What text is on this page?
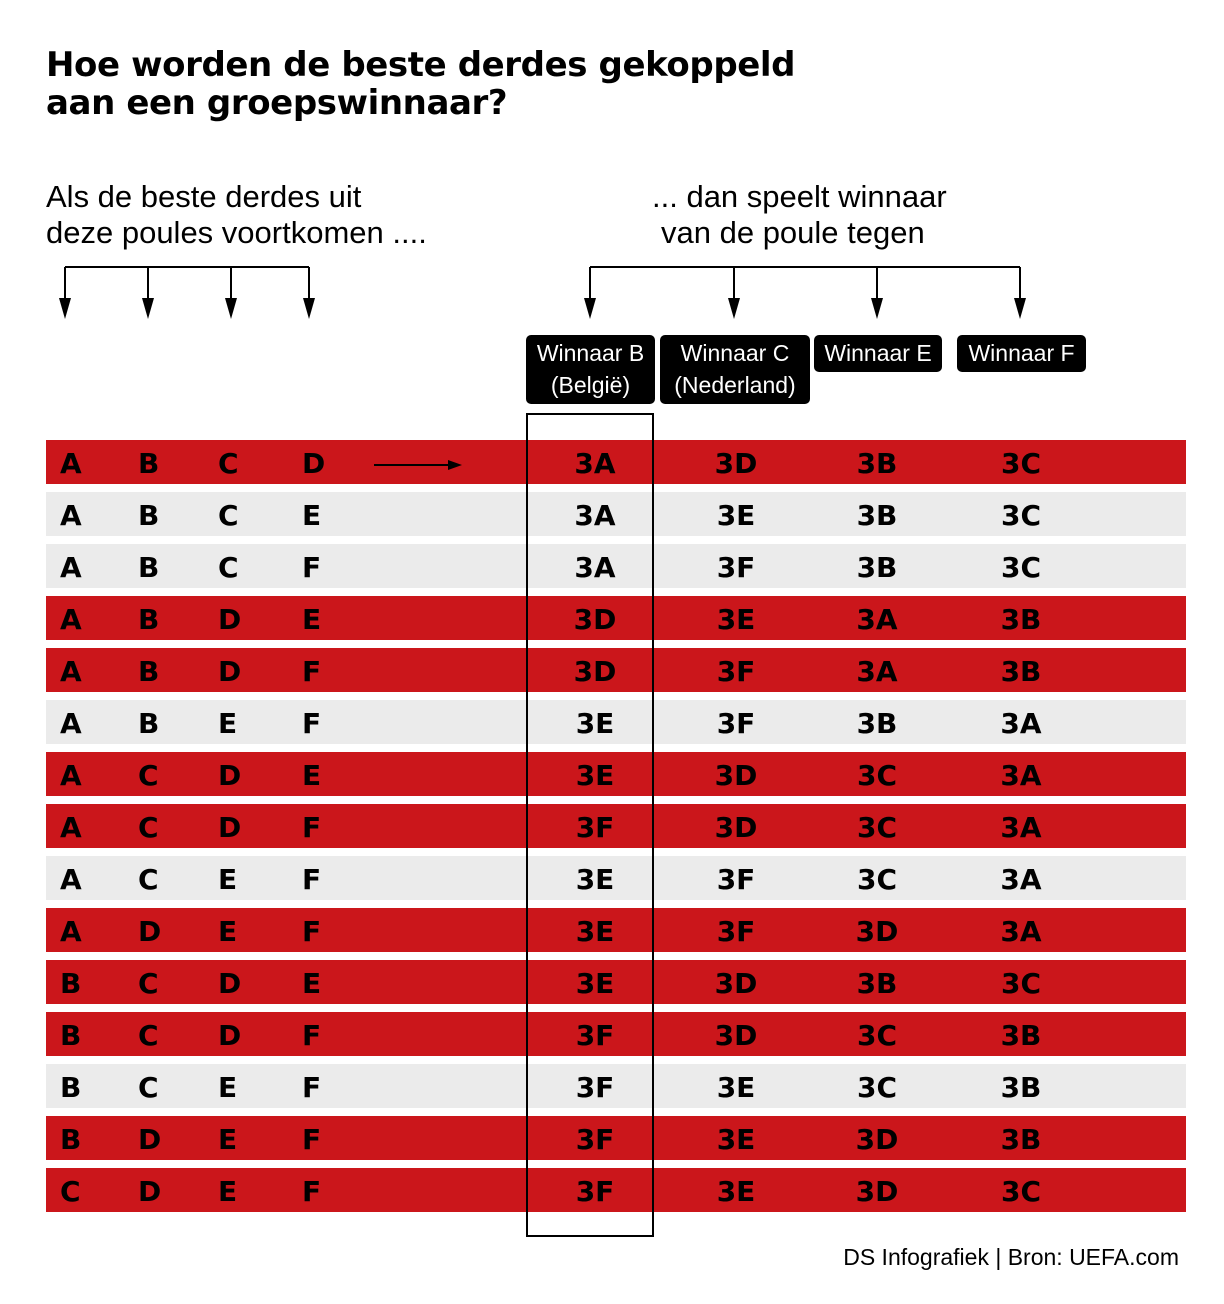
Hoe worden de beste derdes gekoppeld
aan een groepswinnaar?
Als de beste derdes uit
deze poules voortkomen ....
... dan speelt winnaar
van de poule tegen
Winnaar B
(België)
Winnaar C
(Nederland)
Winnaar E	Winnaar F
A B C D	3A	3D	3B	3C
A B C E	3A	3E	3B	3C
A B C F	3A	3F	3B	3C
A B D E	3D	3E	3A	3B
A B D F	3D	3F	3A	3B
A B E F	3E	3F	3B	3A
A C D E	3E	3D	3C	3A
A C D F	3F	3D	3C	3A
A C E F	3E	3F	3C	3A
A D E F	3E	3F	3D	3A
B C D E	3E	3D	3B	3C
B C D F	3F	3D	3C	3B
B C E F	3F	3E	3C	3B
B D E F	3F	3E	3D	3B
C D E F	3F	3E	3D	3C
DS Infografiek | Bron: UEFA.com
